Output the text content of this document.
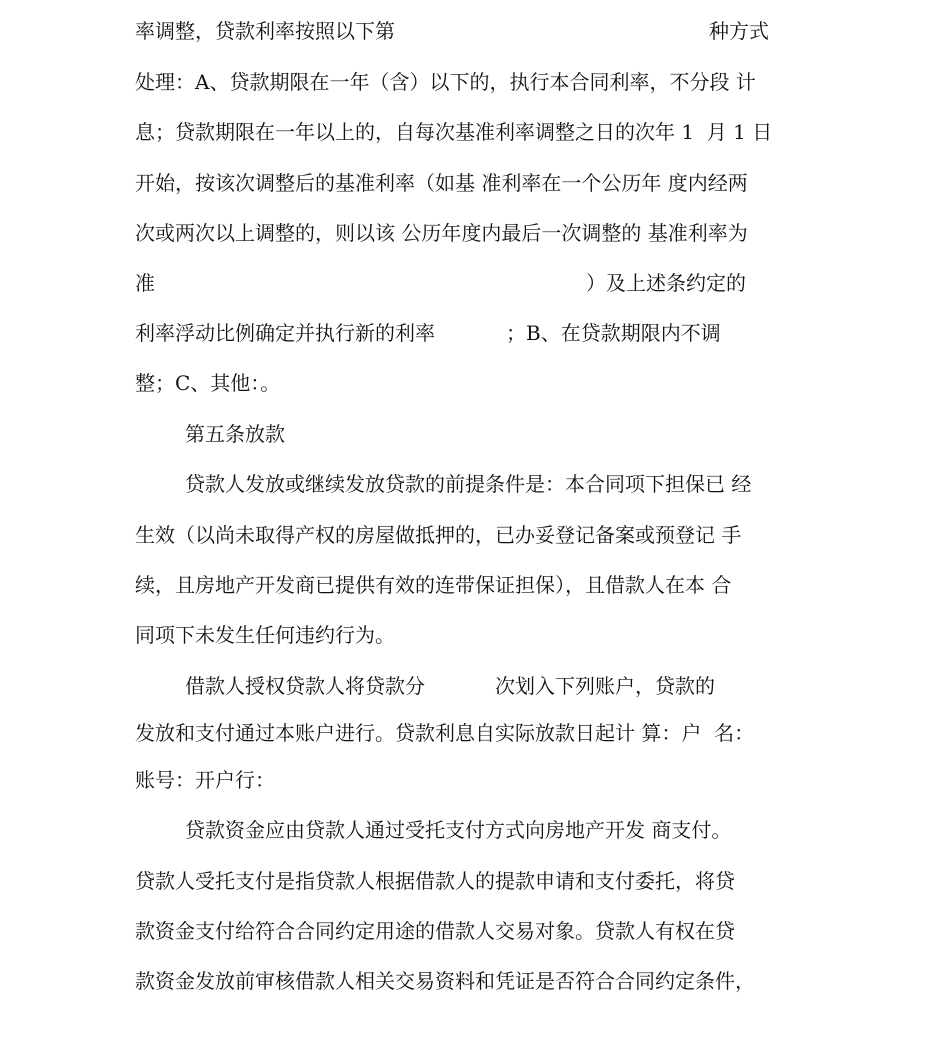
率调整，贷款利率按照以下第	种方式

处理：A、贷款期限在一年（含）以下的，执行本合同利率，不分段 计

息；贷款期限在一年以上的，自每次基准利率调整之日的次年 1  月 1 日

开始，按该次调整后的基准利率（如基 准利率在一个公历年 度内经两

次或两次以上调整的，则以该 公历年度内最后一次调整的 基准利率为

准	）及上述条约定的

利率浮动比例确定并执行新的利率	；B、在贷款期限内不调

整；C、其他：。

第五条放款

贷款人发放或继续发放贷款的前提条件是：本合同项下担保已 经

生效（以尚未取得产权的房屋做抵押的，已办妥登记备案或预登记 手

续，且房地产开发商已提供有效的连带保证担保），且借款人在本 合

同项下未发生任何违约行为。

借款人授权贷款人将贷款分	次划入下列账户，贷款的

发放和支付通过本账户进行。贷款利息自实际放款日起计 算：户  名：

账号：开户行：

贷款资金应由贷款人通过受托支付方式向房地产开发 商支付。

贷款人受托支付是指贷款人根据借款人的提款申请和支付委托，将贷

款资金支付给符合合同约定用途的借款人交易对象。贷款人有权在贷

款资金发放前审核借款人相关交易资料和凭证是否符合合同约定条件，
